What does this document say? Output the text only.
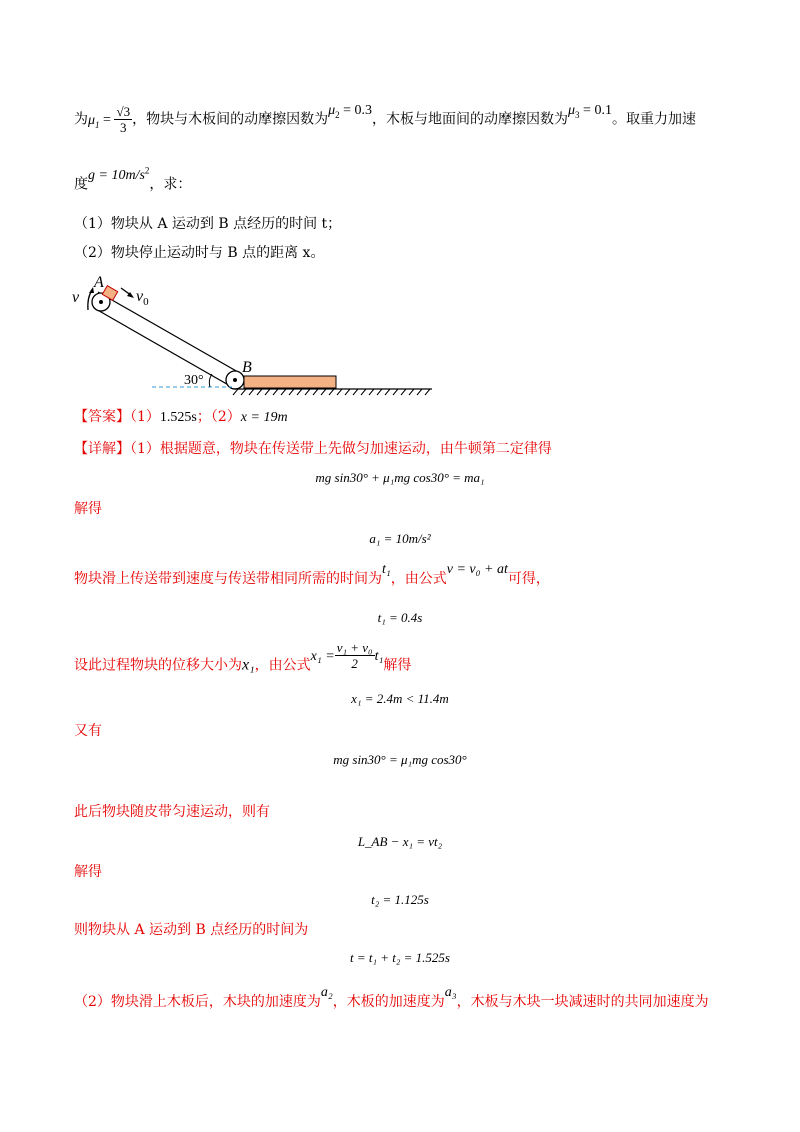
为$\mu_1 = \frac{√3}{3}$ ，物块与木板间的动摩擦因数为$\mu_2 = 0.3$，木板与地面间的动摩擦因数为$\mu_3 = 0.1$。取重力加速
度$g = 10m/s^2$，求：
（1）物块从 A 运动到 B 点经历的时间 t；
（2）物块停止运动时与 B 点的距离 x。
A
v	$v_0$
B
30°
【答案】（1）1.525s；（2）x = 19m
【详解】（1）根据题意，物块在传送带上先做匀加速运动，由牛顿第二定律得
mg sin30° + μ₁mg cos30° = ma₁
解得
a₁ = 10m/s²
物块滑上传送带到速度与传送带相同所需的时间为t₁，由公式v = v₀ + at可得，
t₁ = 0.4s
设此过程物块的位移大小为x₁，由公式$x_1 = \frac{\text{v₁ + v₀}}{2} t_1$解得
x₁ = 2.4m < 11.4m
又有
mg sin30° = μ₁mg cos30°
此后物块随皮带匀速运动，则有
L_AB − x₁ = vt₂
解得
t₂ = 1.125s
则物块从 A 运动到 B 点经历的时间为
t = t₁ + t₂ = 1.525s
（2）物块滑上木板后，木块的加速度为a₂，木板的加速度为a₃，木板与木块一块减速时的共同加速度为
